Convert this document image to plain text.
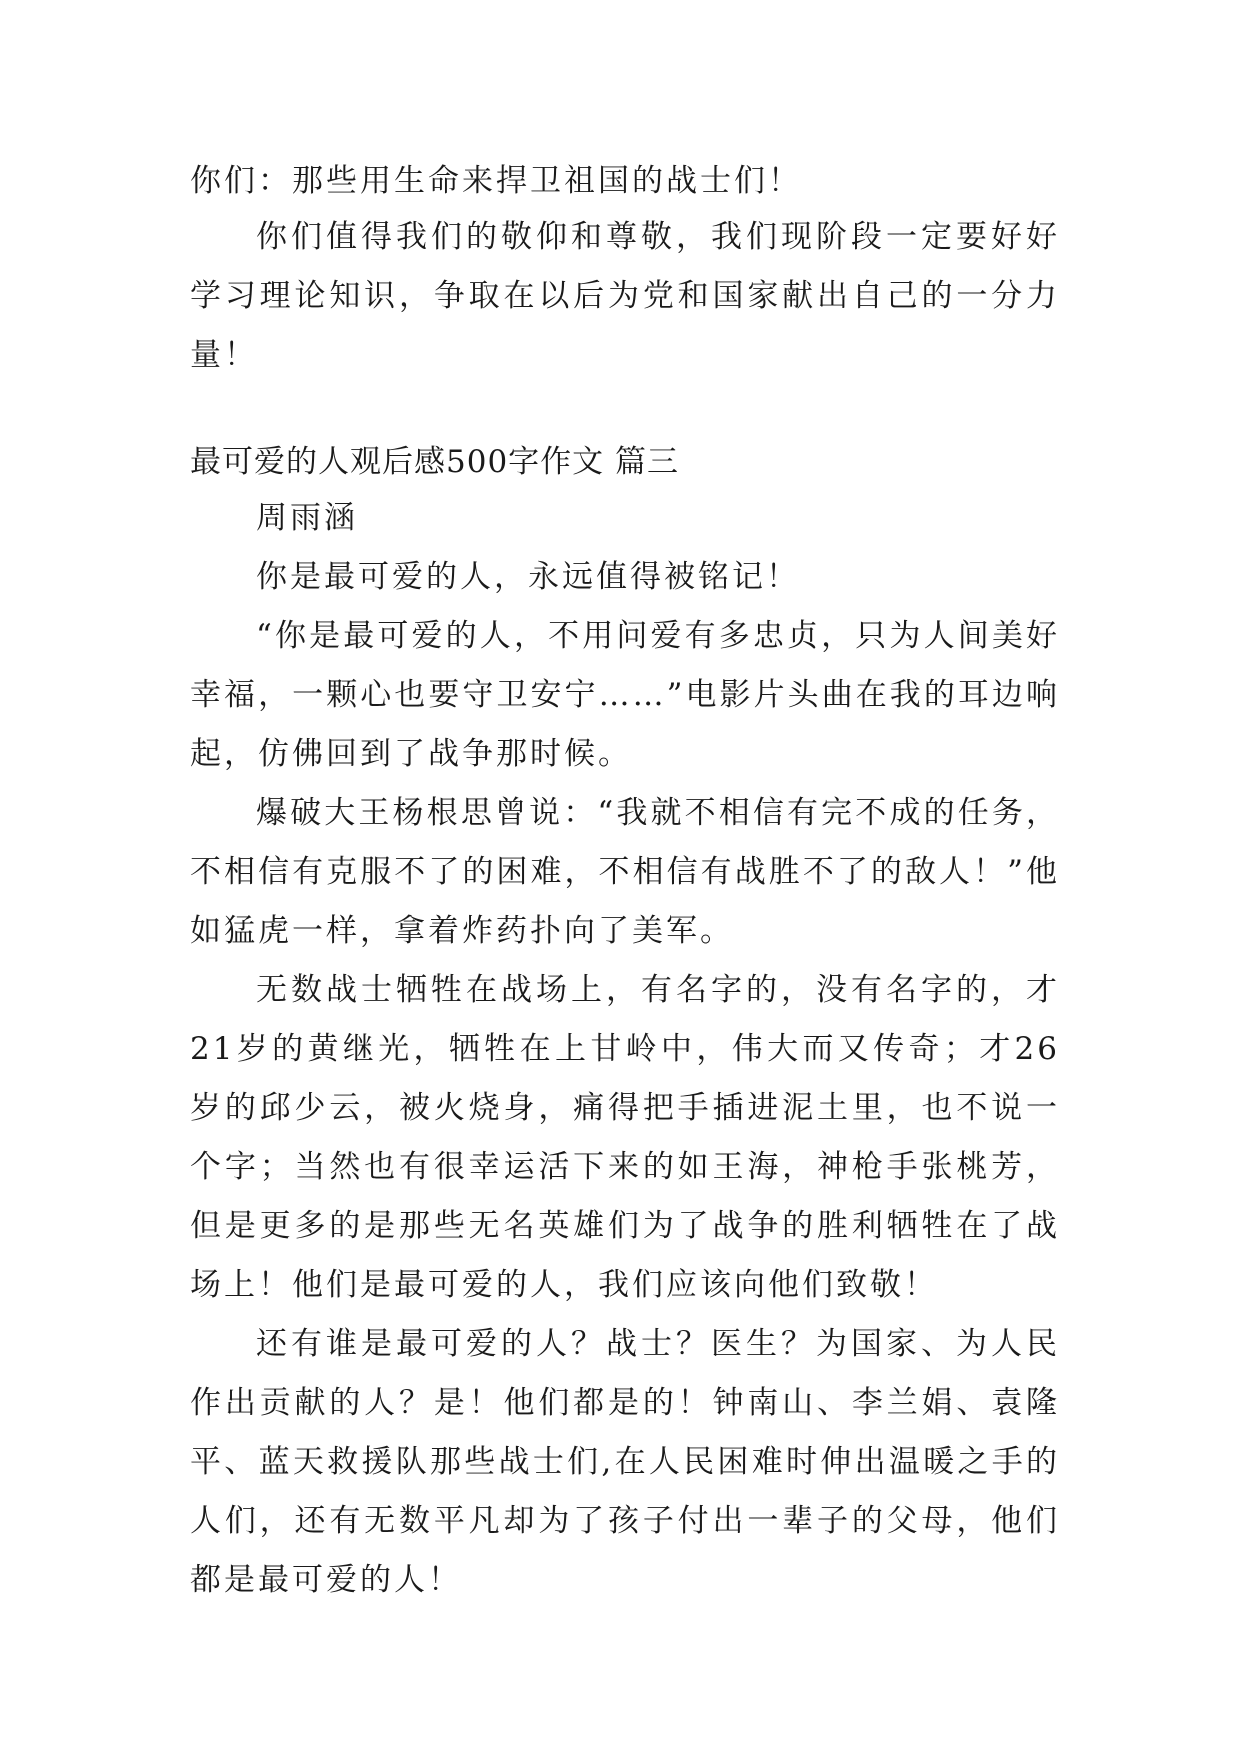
你们：那些用生命来捍卫祖国的战士们！

你们值得我们的敬仰和尊敬，我们现阶段一定要好好学习理论知识，争取在以后为党和国家献出自己的一分力量！

最可爱的人观后感500字作文 篇三

周雨涵

你是最可爱的人，永远值得被铭记！

“你是最可爱的人，不用问爱有多忠贞，只为人间美好幸福，一颗心也要守卫安宁……”电影片头曲在我的耳边响起，仿佛回到了战争那时候。

爆破大王杨根思曾说：“我就不相信有完不成的任务，不相信有克服不了的困难，不相信有战胜不了的敌人！”他如猛虎一样，拿着炸药扑向了美军。

无数战士牺牲在战场上，有名字的，没有名字的，才21岁的黄继光，牺牲在上甘岭中，伟大而又传奇；才26岁的邱少云，被火烧身，痛得把手插进泥土里，也不说一个字；当然也有很幸运活下来的如王海，神枪手张桃芳，但是更多的是那些无名英雄们为了战争的胜利牺牲在了战场上！他们是最可爱的人，我们应该向他们致敬！

还有谁是最可爱的人？战士？医生？为国家、为人民作出贡献的人？是！他们都是的！钟南山、李兰娟、袁隆平、蓝天救援队那些战士们,在人民困难时伸出温暖之手的人们，还有无数平凡却为了孩子付出一辈子的父母，他们都是最可爱的人！
